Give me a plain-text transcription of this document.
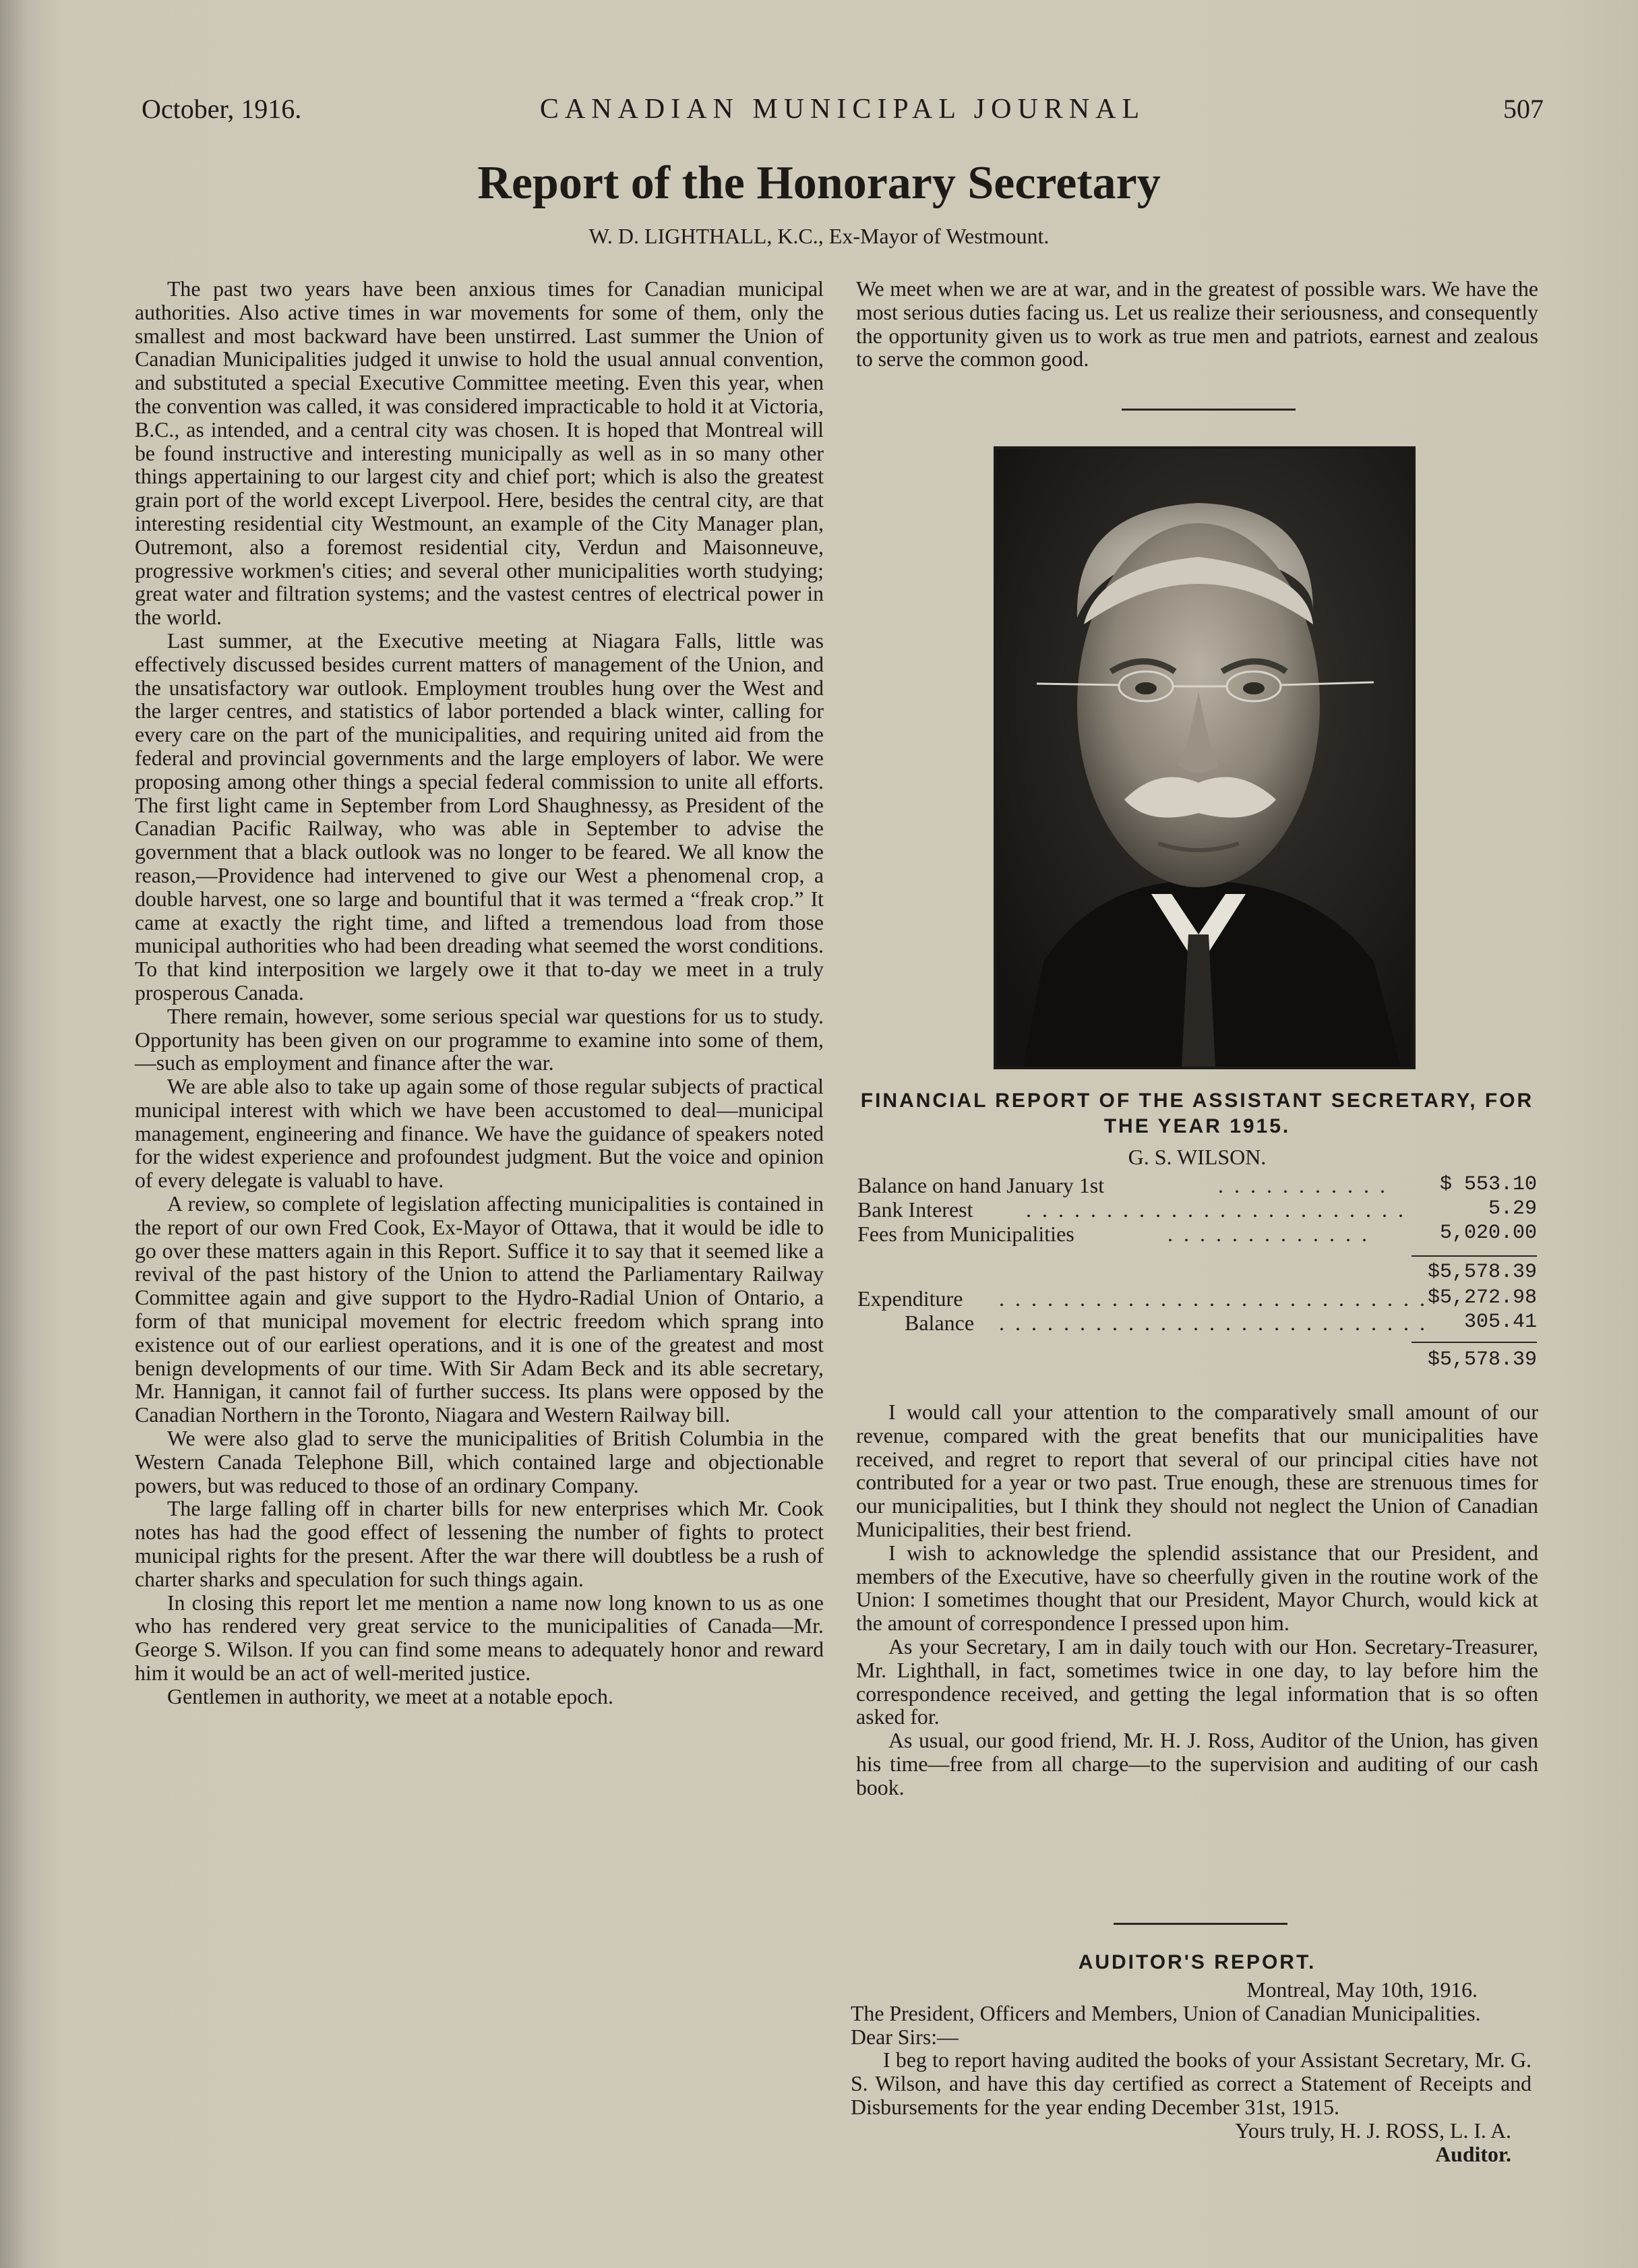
October, 1916.	CANADIAN MUNICIPAL JOURNAL	507
Report of the Honorary Secretary
W. D. LIGHTHALL, K.C., Ex-Mayor of Westmount.

The past two years have been anxious times for Canadian municipal authorities. Also active times in war movements for some of them, only the smallest and most backward have been unstirred. Last summer the Union of Canadian Municipalities judged it unwise to hold the usual annual convention, and substituted a special Executive Committee meeting. Even this year, when the convention was called, it was considered impracticable to hold it at Victoria, B.C., as intended, and a central city was chosen. It is hoped that Montreal will be found instructive and interesting municipally as well as in so many other things appertaining to our largest city and chief port; which is also the greatest grain port of the world except Liverpool. Here, besides the central city, are that interesting residential city Westmount, an example of the City Manager plan, Outremont, also a foremost residential city, Verdun and Maisonneuve, progressive workmen's cities; and several other municipalities worth studying; great water and filtration systems; and the vastest centres of electrical power in the world.

Last summer, at the Executive meeting at Niagara Falls, little was effectively discussed besides current matters of management of the Union, and the unsatisfactory war outlook. Employment troubles hung over the West and the larger centres, and statistics of labor portended a black winter, calling for every care on the part of the municipalities, and requiring united aid from the federal and provincial governments and the large employers of labor. We were proposing among other things a special federal commission to unite all efforts. The first light came in September from Lord Shaughnessy, as President of the Canadian Pacific Railway, who was able in September to advise the government that a black outlook was no longer to be feared. We all know the reason,—Providence had intervened to give our West a phenomenal crop, a double harvest, one so large and bountiful that it was termed a “freak crop.” It came at exactly the right time, and lifted a tremendous load from those municipal authorities who had been dreading what seemed the worst conditions. To that kind interposition we largely owe it that to-day we meet in a truly prosperous Canada.

There remain, however, some serious special war questions for us to study. Opportunity has been given on our programme to examine into some of them,—such as employment and finance after the war.

We are able also to take up again some of those regular subjects of practical municipal interest with which we have been accustomed to deal—municipal management, engineering and finance. We have the guidance of speakers noted for the widest experience and profoundest judgment. But the voice and opinion of every delegate is valuabl to have.

A review, so complete of legislation affecting municipalities is contained in the report of our own Fred Cook, Ex-Mayor of Ottawa, that it would be idle to go over these matters again in this Report. Suffice it to say that it seemed like a revival of the past history of the Union to attend the Parliamentary Railway Committee again and give support to the Hydro-Radial Union of Ontario, a form of that municipal movement for electric freedom which sprang into existence out of our earliest operations, and it is one of the greatest and most benign developments of our time. With Sir Adam Beck and its able secretary, Mr. Hannigan, it cannot fail of further success. Its plans were opposed by the Canadian Northern in the Toronto, Niagara and Western Railway bill.

We were also glad to serve the municipalities of British Columbia in the Western Canada Telephone Bill, which contained large and objectionable powers, but was reduced to those of an ordinary Company.

The large falling off in charter bills for new enterprises which Mr. Cook notes has had the good effect of lessening the number of fights to protect municipal rights for the present. After the war there will doubtless be a rush of charter sharks and speculation for such things again.

In closing this report let me mention a name now long known to us as one who has rendered very great service to the municipalities of Canada—Mr. George S. Wilson. If you can find some means to adequately honor and reward him it would be an act of well-merited justice.

Gentlemen in authority, we meet at a notable epoch.

We meet when we are at war, and in the greatest of possible wars. We have the most serious duties facing us. Let us realize their seriousness, and consequently the opportunity given us to work as true men and patriots, earnest and zealous to serve the common good.

FINANCIAL REPORT OF THE ASSISTANT SECRETARY, FOR THE YEAR 1915.
G. S. WILSON.
Balance on hand January 1st	. . . . . . . . . . .	$ 553.10
Bank Interest . . . . . . . . . . . . . . . . . . . . . . . .	5.29
Fees from Municipalities	. . . . . . . . . . . . .	5,020.00
$5,578.39
Expenditure . . . . . . . . . . . . . . . . . . . . . . . . . . . $5,272.98
Balance . . . . . . . . . . . . . . . . . . . . . . . . . . . 305.41
$5,578.39

I would call your attention to the comparatively small amount of our revenue, compared with the great benefits that our municipalities have received, and regret to report that several of our principal cities have not contributed for a year or two past. True enough, these are strenuous times for our municipalities, but I think they should not neglect the Union of Canadian Municipalities, their best friend.

I wish to acknowledge the splendid assistance that our President, and members of the Executive, have so cheerfully given in the routine work of the Union: I sometimes thought that our President, Mayor Church, would kick at the amount of correspondence I pressed upon him.

As your Secretary, I am in daily touch with our Hon. Secretary-Treasurer, Mr. Lighthall, in fact, sometimes twice in one day, to lay before him the correspondence received, and getting the legal information that is so often asked for.

As usual, our good friend, Mr. H. J. Ross, Auditor of the Union, has given his time—free from all charge—to the supervision and auditing of our cash book.

AUDITOR'S REPORT.

Montreal, May 10th, 1916.

The President, Officers and Members, Union of Canadian Municipalities.

Dear Sirs:—

I beg to report having audited the books of your Assistant Secretary, Mr. G. S. Wilson, and have this day certified as correct a Statement of Receipts and Disbursements for the year ending December 31st, 1915.

Yours truly, H. J. ROSS, L. I. A.

Auditor.
